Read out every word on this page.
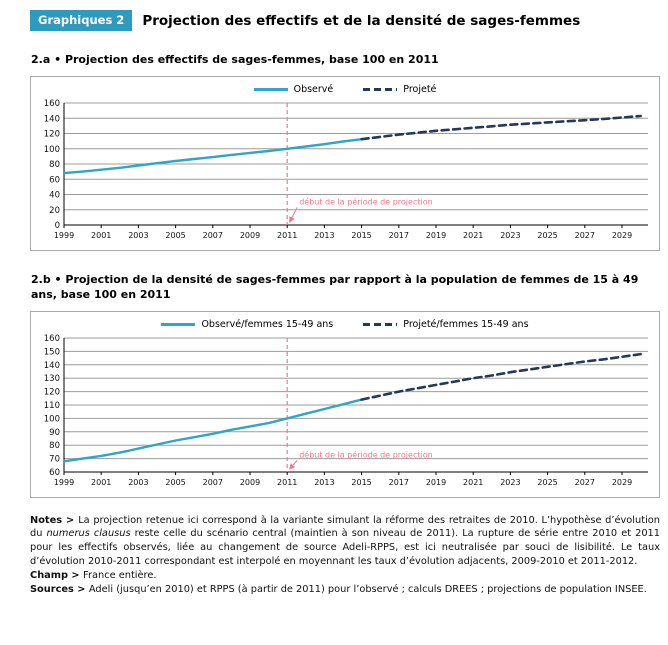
Graphiques 2	Projection des effectifs et de la densité de sages-femmes
2.a • Projection des effectifs de sages-femmes, base 100 en 2011
Observé	Projeté
0
20
40
60
80
100
120
140
160
1999 2001 2003 2005 2007 2009 2011 2013 2015 2017 2019 2021 2023 2025 2027 2029
début de la période de projection
2.b • Projection de la densité de sages-femmes par rapport à la population de femmes de 15 à 49 ans, base 100 en 2011
Observé/femmes 15-49 ans	Projeté/femmes 15-49 ans
60
70
80
90
100
110
120
130
140
150
160
1999 2001 2003 2005 2007 2009 2011 2013 2015 2017 2019 2021 2023 2025 2027 2029
début de la période de projection
Notes > La projection retenue ici correspond à la variante simulant la réforme des retraites de 2010. L’hypothèse d’évolution du numerus clausus reste celle du scénario central (maintien à son niveau de 2011). La rupture de série entre 2010 et 2011 pour les effectifs observés, liée au changement de source Adeli-RPPS, est ici neutralisée par souci de lisibilité. Le taux d’évolution 2010-2011 correspondant est interpolé en moyennant les taux d’évolution adjacents, 2009-2010 et 2011-2012.
Champ > France entière.
Sources > Adeli (jusqu’en 2010) et RPPS (à partir de 2011) pour l’observé ; calculs DREES ; projections de population INSEE.
